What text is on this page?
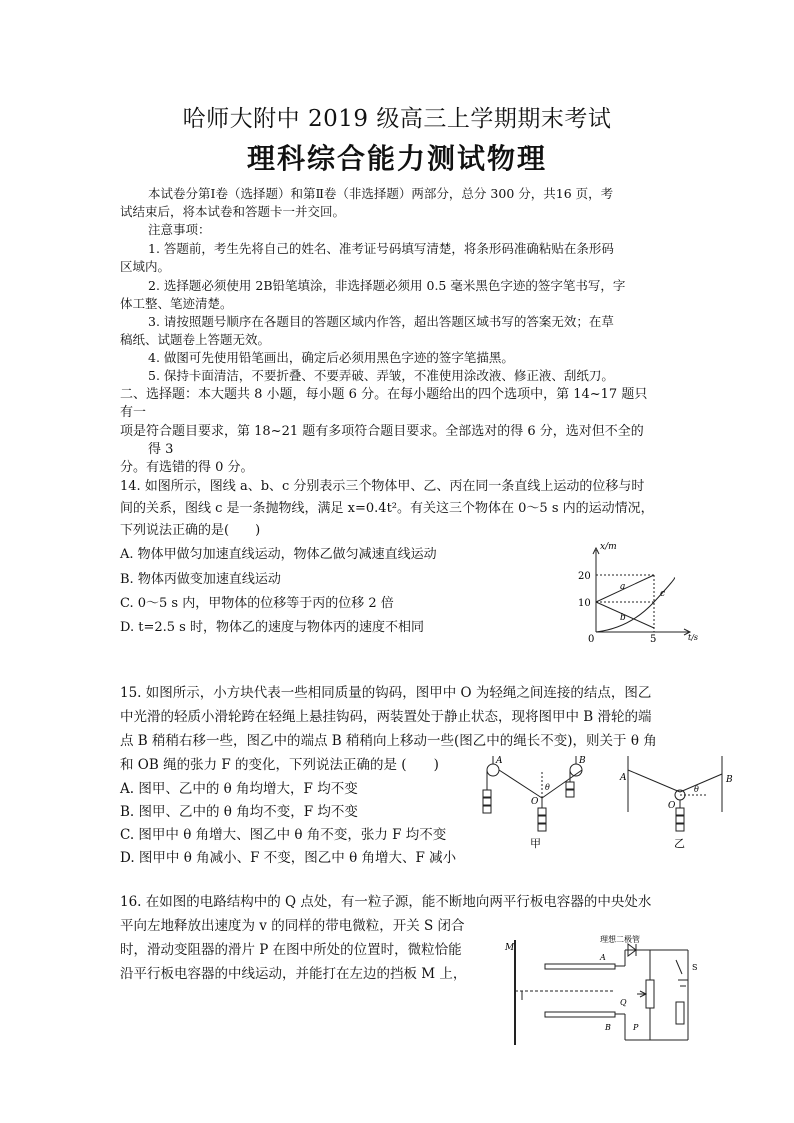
哈师大附中 2019 级高三上学期期末考试
理科综合能力测试物理
本试卷分第Ⅰ卷（选择题）和第Ⅱ卷（非选择题）两部分，总分 300 分，共16 页，考
试结束后，将本试卷和答题卡一并交回。
注意事项：
1. 答题前，考生先将自己的姓名、准考证号码填写清楚，将条形码准确粘贴在条形码
区域内。
2. 选择题必须使用 2B铅笔填涂，非选择题必须用 0.5 毫米黑色字迹的签字笔书写，字
体工整、笔迹清楚。
3. 请按照题号顺序在各题目的答题区域内作答，超出答题区域书写的答案无效；在草
稿纸、试题卷上答题无效。
4. 做图可先使用铅笔画出，确定后必须用黑色字迹的签字笔描黑。
5. 保持卡面清洁，不要折叠、不要弄破、弄皱，不准使用涂改液、修正液、刮纸刀。
二、选择题：本大题共 8 小题，每小题 6 分。在每小题给出的四个选项中，第 14~17 题只
有一
项是符合题目要求，第 18~21 题有多项符合题目要求。全部选对的得 6 分，选对但不全的
得 3
分。有选错的得 0 分。
14. 如图所示，图线 a、b、c 分别表示三个物体甲、乙、丙在同一条直线上运动的位移与时
间的关系，图线 c 是一条抛物线，满足 x=0.4t²。有关这三个物体在 0～5 s 内的运动情况，
下列说法正确的是(　　)
A. 物体甲做匀加速直线运动，物体乙做匀减速直线运动
B. 物体丙做变加速直线运动
C. 0～5 s 内，甲物体的位移等于丙的位移 2 倍
D. t=2.5 s 时，物体乙的速度与物体丙的速度不相同
x/m
t/s
20
10
0	5
a
b
c
15. 如图所示，小方块代表一些相同质量的钩码，图甲中 O 为轻绳之间连接的结点，图乙
中光滑的轻质小滑轮跨在轻绳上悬挂钩码，两装置处于静止状态，现将图甲中 B 滑轮的端
点 B 稍稍右移一些，图乙中的端点 B 稍稍向上移动一些(图乙中的绳长不变)，则关于 θ 角
和 OB 绳的张力 F 的变化，下列说法正确的是 (　　)
A. 图甲、乙中的 θ 角均增大，F 均不变
B. 图甲、乙中的 θ 角均不变，F 均不变
C. 图甲中 θ 角增大、图乙中 θ 角不变，张力 F 均不变
D. 图甲中 θ 角减小、F 不变，图乙中 θ 角增大、F 减小
A	B
O
θ
甲
A	B
O
θ
乙
16. 在如图的电路结构中的 Q 点处，有一粒子源，能不断地向两平行板电容器的中央处水
平向左地释放出速度为 v 的同样的带电微粒，开关 S 闭合
时，滑动变阻器的滑片 P 在图中所处的位置时，微粒恰能
沿平行板电容器的中线运动，并能打在左边的挡板 M 上，
M
理想二极管
A
B
Q
P
S
